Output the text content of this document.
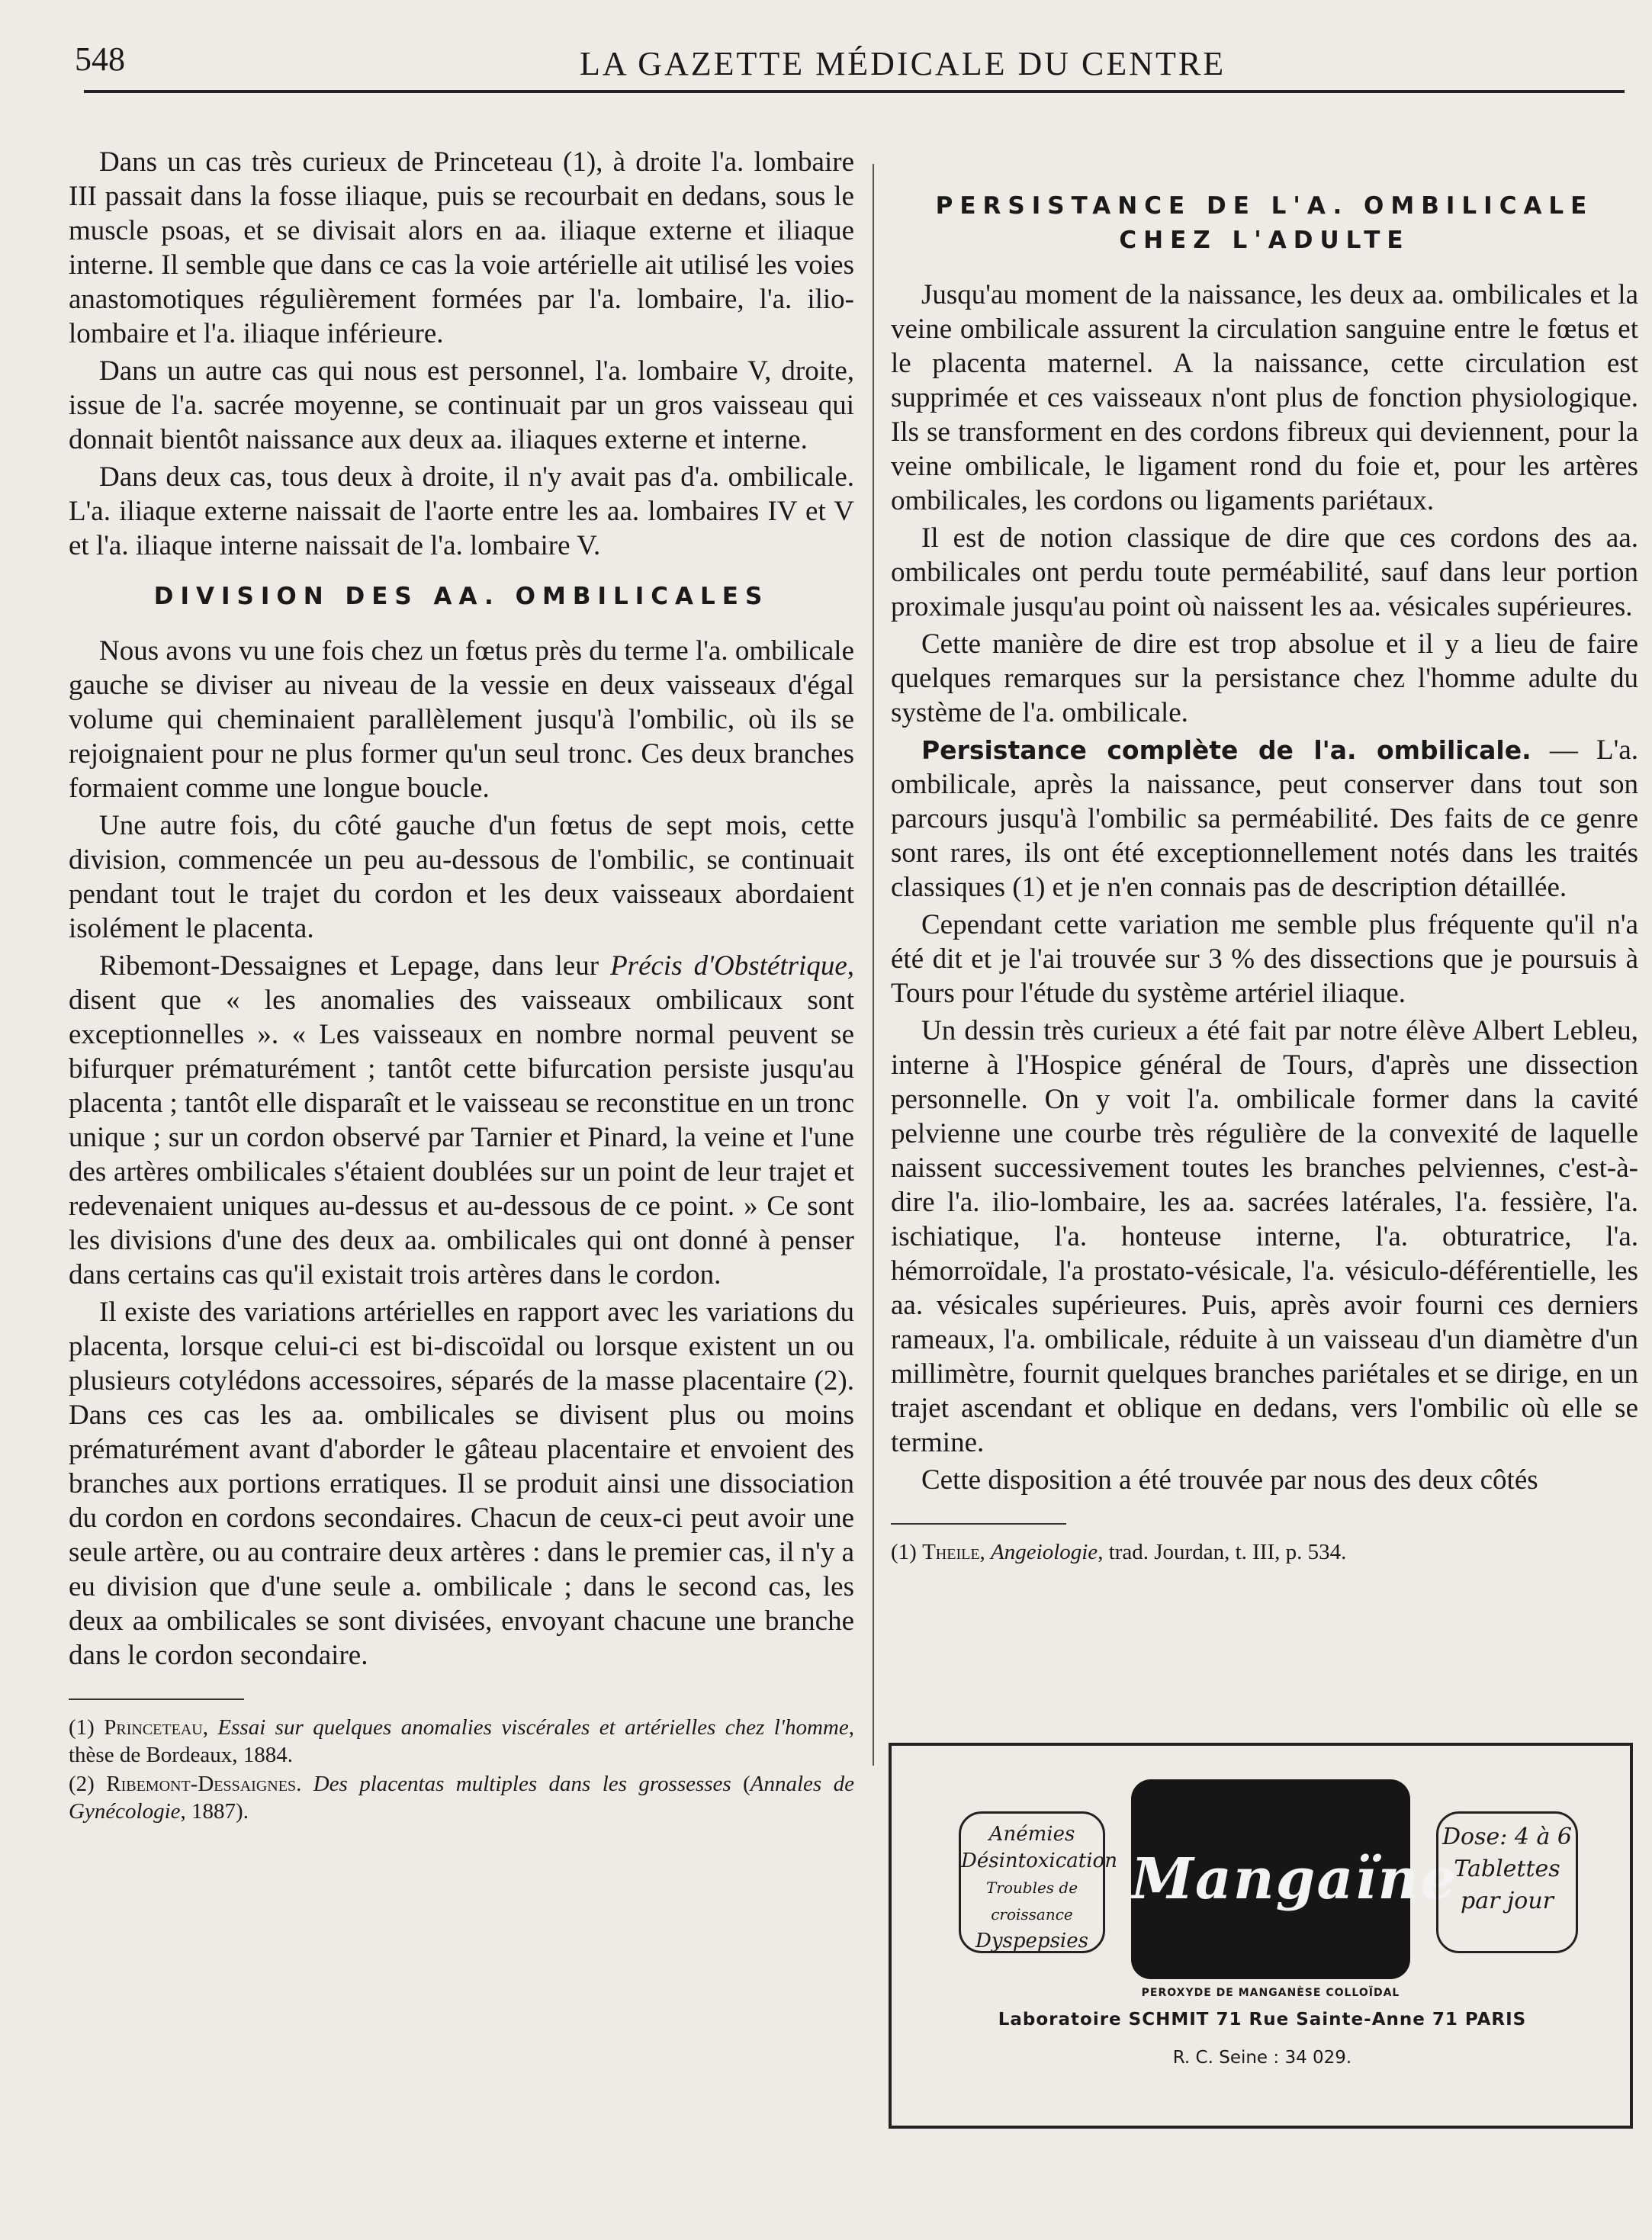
548	LA GAZETTE MÉDICALE DU CENTRE

Dans un cas très curieux de Princeteau (1), à droite l'a. lombaire III passait dans la fosse iliaque, puis se recourbait en dedans, sous le muscle psoas, et se divisait alors en aa. iliaque externe et iliaque interne. Il semble que dans ce cas la voie artérielle ait utilisé les voies anastomotiques régulièrement formées par l'a. lombaire, l'a. ilio-lombaire et l'a. iliaque inférieure.

Dans un autre cas qui nous est personnel, l'a. lombaire V, droite, issue de l'a. sacrée moyenne, se continuait par un gros vaisseau qui donnait bientôt naissance aux deux aa. iliaques externe et interne.

Dans deux cas, tous deux à droite, il n'y avait pas d'a. ombilicale. L'a. iliaque externe naissait de l'aorte entre les aa. lombaires IV et V et l'a. iliaque interne naissait de l'a. lombaire V.

DIVISION DES AA. OMBILICALES

Nous avons vu une fois chez un fœtus près du terme l'a. ombilicale gauche se diviser au niveau de la vessie en deux vaisseaux d'égal volume qui cheminaient parallèlement jusqu'à l'ombilic, où ils se rejoignaient pour ne plus former qu'un seul tronc. Ces deux branches formaient comme une longue boucle.

Une autre fois, du côté gauche d'un fœtus de sept mois, cette division, commencée un peu au-dessous de l'ombilic, se continuait pendant tout le trajet du cordon et les deux vaisseaux abordaient isolément le placenta.

Ribemont-Dessaignes et Lepage, dans leur Précis d'Obstétrique, disent que « les anomalies des vaisseaux ombilicaux sont exceptionnelles ». « Les vaisseaux en nombre normal peuvent se bifurquer prématurément ; tantôt cette bifurcation persiste jusqu'au placenta ; tantôt elle disparaît et le vaisseau se reconstitue en un tronc unique ; sur un cordon observé par Tarnier et Pinard, la veine et l'une des artères ombilicales s'étaient doublées sur un point de leur trajet et redevenaient uniques au-dessus et au-dessous de ce point. » Ce sont les divisions d'une des deux aa. ombilicales qui ont donné à penser dans certains cas qu'il existait trois artères dans le cordon.

Il existe des variations artérielles en rapport avec les variations du placenta, lorsque celui-ci est bi-discoïdal ou lorsque existent un ou plusieurs cotylédons accessoires, séparés de la masse placentaire (2). Dans ces cas les aa. ombilicales se divisent plus ou moins prématurément avant d'aborder le gâteau placentaire et envoient des branches aux portions erratiques. Il se produit ainsi une dissociation du cordon en cordons secondaires. Chacun de ceux-ci peut avoir une seule artère, ou au contraire deux artères : dans le premier cas, il n'y a eu division que d'une seule a. ombilicale ; dans le second cas, les deux aa ombilicales se sont divisées, envoyant chacune une branche dans le cordon secondaire.

(1) Princeteau, Essai sur quelques anomalies viscérales et artérielles chez l'homme, thèse de Bordeaux, 1884.

(2) Ribemont-Dessaignes. Des placentas multiples dans les grossesses (Annales de Gynécologie, 1887).

PERSISTANCE DE L'A. OMBILICALE
CHEZ L'ADULTE

Jusqu'au moment de la naissance, les deux aa. ombilicales et la veine ombilicale assurent la circulation sanguine entre le fœtus et le placenta maternel. A la naissance, cette circulation est supprimée et ces vaisseaux n'ont plus de fonction physiologique. Ils se transforment en des cordons fibreux qui deviennent, pour la veine ombilicale, le ligament rond du foie et, pour les artères ombilicales, les cordons ou ligaments pariétaux.

Il est de notion classique de dire que ces cordons des aa. ombilicales ont perdu toute perméabilité, sauf dans leur portion proximale jusqu'au point où naissent les aa. vésicales supérieures.

Cette manière de dire est trop absolue et il y a lieu de faire quelques remarques sur la persistance chez l'homme adulte du système de l'a. ombilicale.

Persistance complète de l'a. ombilicale. — L'a. ombilicale, après la naissance, peut conserver dans tout son parcours jusqu'à l'ombilic sa perméabilité. Des faits de ce genre sont rares, ils ont été exceptionnellement notés dans les traités classiques (1) et je n'en connais pas de description détaillée.

Cependant cette variation me semble plus fréquente qu'il n'a été dit et je l'ai trouvée sur 3 % des dissections que je poursuis à Tours pour l'étude du système artériel iliaque.

Un dessin très curieux a été fait par notre élève Albert Lebleu, interne à l'Hospice général de Tours, d'après une dissection personnelle. On y voit l'a. ombilicale former dans la cavité pelvienne une courbe très régulière de la convexité de laquelle naissent successivement toutes les branches pelviennes, c'est-à-dire l'a. ilio-lombaire, les aa. sacrées latérales, l'a. fessière, l'a. ischiatique, l'a. honteuse interne, l'a. obturatrice, l'a. hémorroïdale, l'a prostato-vésicale, l'a. vésiculo-déférentielle, les aa. vésicales supérieures. Puis, après avoir fourni ces derniers rameaux, l'a. ombilicale, réduite à un vaisseau d'un diamètre d'un millimètre, fournit quelques branches pariétales et se dirige, en un trajet ascendant et oblique en dedans, vers l'ombilic où elle se termine.

Cette disposition a été trouvée par nous des deux côtés

(1) Theile, Angeiologie, trad. Jourdan, t. III, p. 534.

Anémies
Désintoxication
Troubles de croissance
Dyspepsies
Mangaïne
PEROXYDE DE MANGANÈSE COLLOÏDAL
Dose: 4 à 6
Tablettes
par jour
Laboratoire SCHMIT 71 Rue Sainte-Anne 71 PARIS
R. C. Seine : 34 029.
